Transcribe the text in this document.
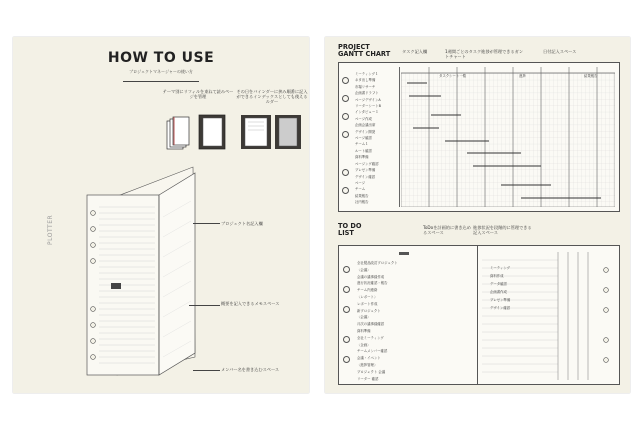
HOW TO USE
プロジェクトマネージャーの使い方
テーマ別にリフィルを束ねて読みページを管理
その日をバインダーに挟み順番に記入ができるインデックスとしても使えるルダー
プロジェクト名記入欄
概要を記入できるメモスペース
メンバー名を書き込むスペース
PLOTTER
PROJECT
GANTT CHART	タスク記入欄	1週間ごとのタスク進捗が管理できるガントチャート
日付記入スペース
ミーティング１
ネタ出し準備
市場リサーチ
企画書ドラフト
ページデザインA
リーダーシートB
インタビュー１
ページ作成
企画会議出席
デザイン開発
ページ確認
チーム１
ルート確認
資料準備
ページング確認
プレゼン準備
デザイン確認
ページ
チーム
結果報告
社内報告
タスクシート一覧	進捗	結果報告
TO DO
LIST
ToDoを計画的に書き込めるスペース
進捗状況を段階的に管理できる記入スペース
全社製品改訂プロジェクト
〈会議〉
会議の議事録作成
進行状況確認・報告
チーム内連絡
〈レポート〉
レポート作成
新プロジェクト
〈会議〉
月次の議事録確認
資料準備
全社ミーティング
〈企画〉
チームメンバー確認
会議・イベント
〈進捗管理〉
プロジェクト 会議
リーダー 確認
ミーティング
資料作成
データ確認
企画書作成
プレゼン準備
デザイン確認
